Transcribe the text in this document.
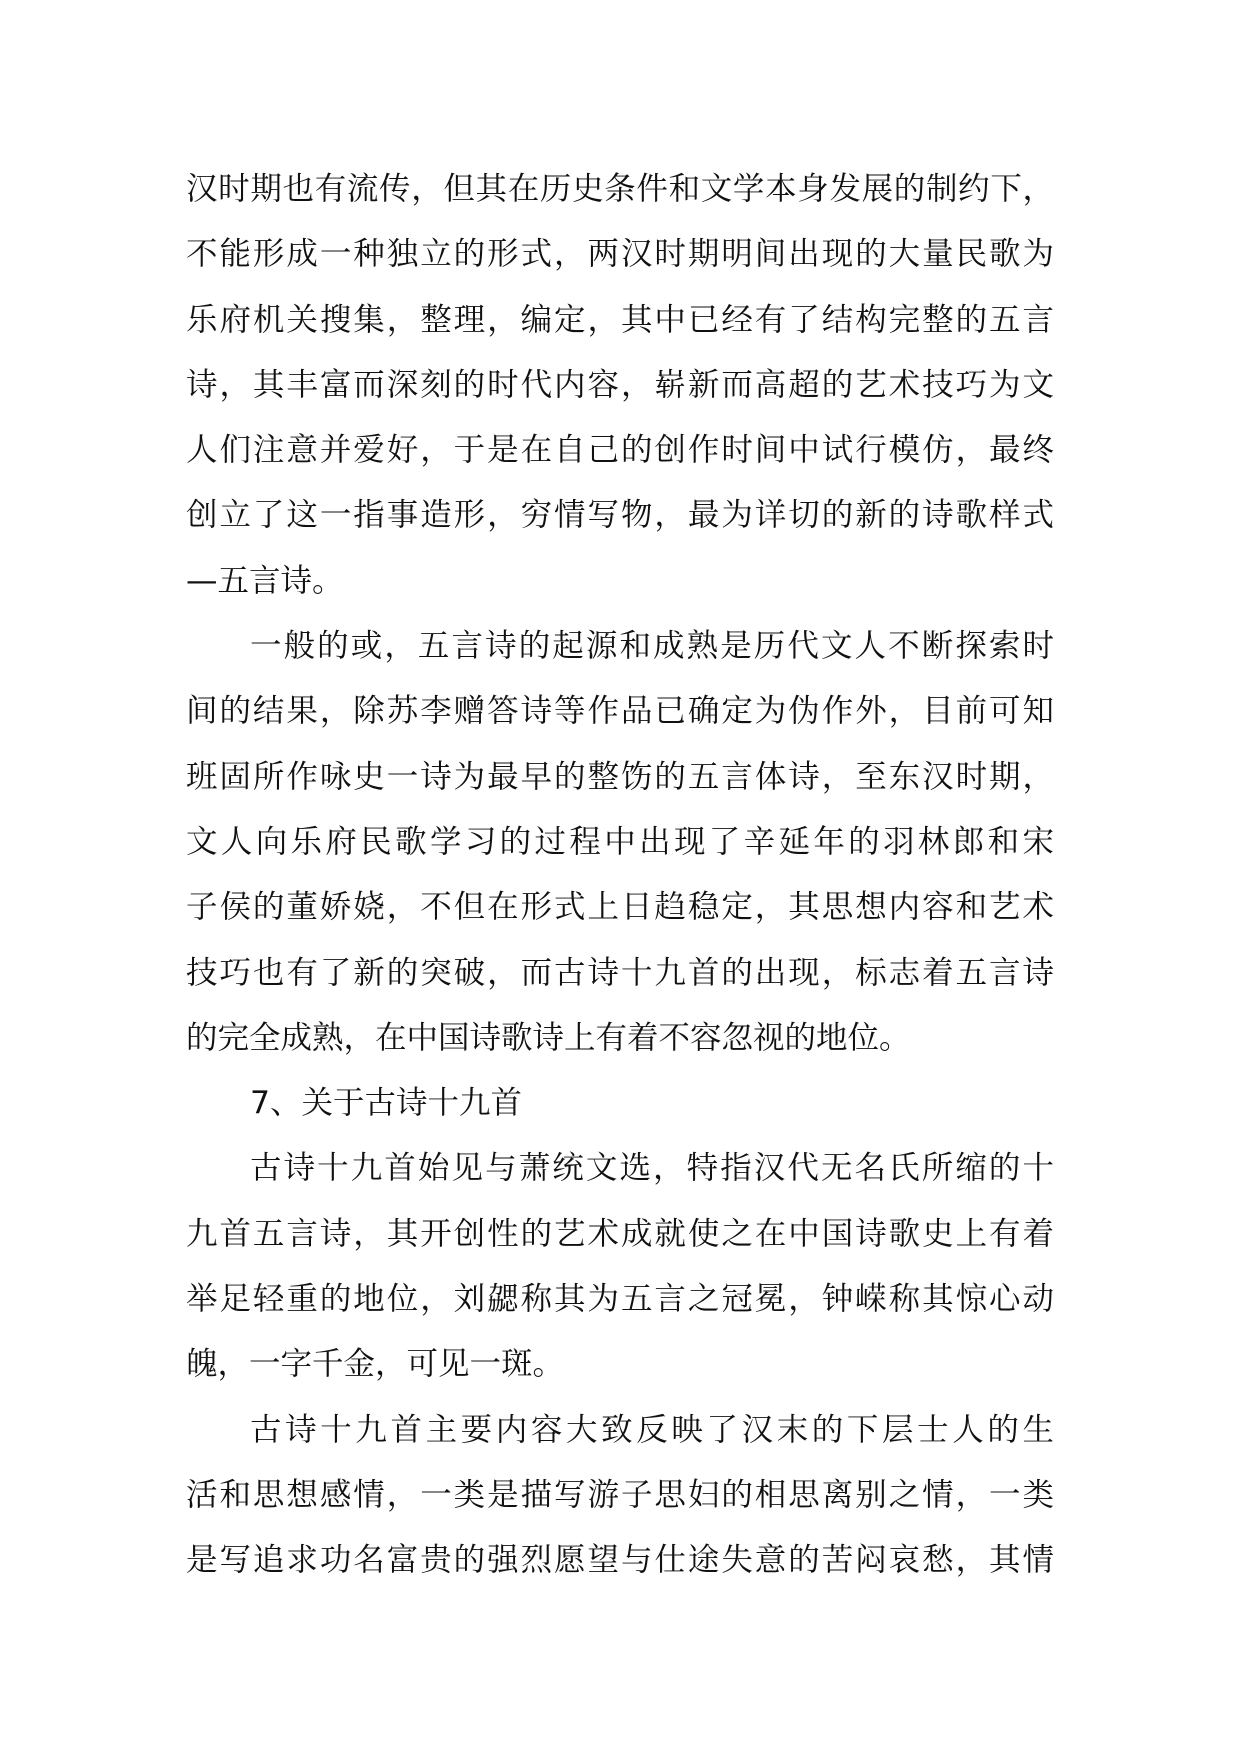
汉时期也有流传，但其在历史条件和文学本身发展的制约下，
不能形成一种独立的形式，两汉时期明间出现的大量民歌为
乐府机关搜集，整理，编定，其中已经有了结构完整的五言
诗，其丰富而深刻的时代内容，崭新而高超的艺术技巧为文
人们注意并爱好，于是在自己的创作时间中试行模仿，最终
创立了这一指事造形，穷情写物，最为详切的新的诗歌样式
—五言诗。
一般的或，五言诗的起源和成熟是历代文人不断探索时
间的结果，除苏李赠答诗等作品已确定为伪作外，目前可知
班固所作咏史一诗为最早的整饬的五言体诗，至东汉时期，
文人向乐府民歌学习的过程中出现了辛延年的羽林郎和宋
子侯的董娇娆，不但在形式上日趋稳定，其思想内容和艺术
技巧也有了新的突破，而古诗十九首的出现，标志着五言诗
的完全成熟，在中国诗歌诗上有着不容忽视的地位。
7、关于古诗十九首
古诗十九首始见与萧统文选，特指汉代无名氏所缩的十
九首五言诗，其开创性的艺术成就使之在中国诗歌史上有着
举足轻重的地位，刘勰称其为五言之冠冕，钟嵘称其惊心动
魄，一字千金，可见一斑。
古诗十九首主要内容大致反映了汉末的下层士人的生
活和思想感情，一类是描写游子思妇的相思离别之情，一类
是写追求功名富贵的强烈愿望与仕途失意的苦闷哀愁，其情
